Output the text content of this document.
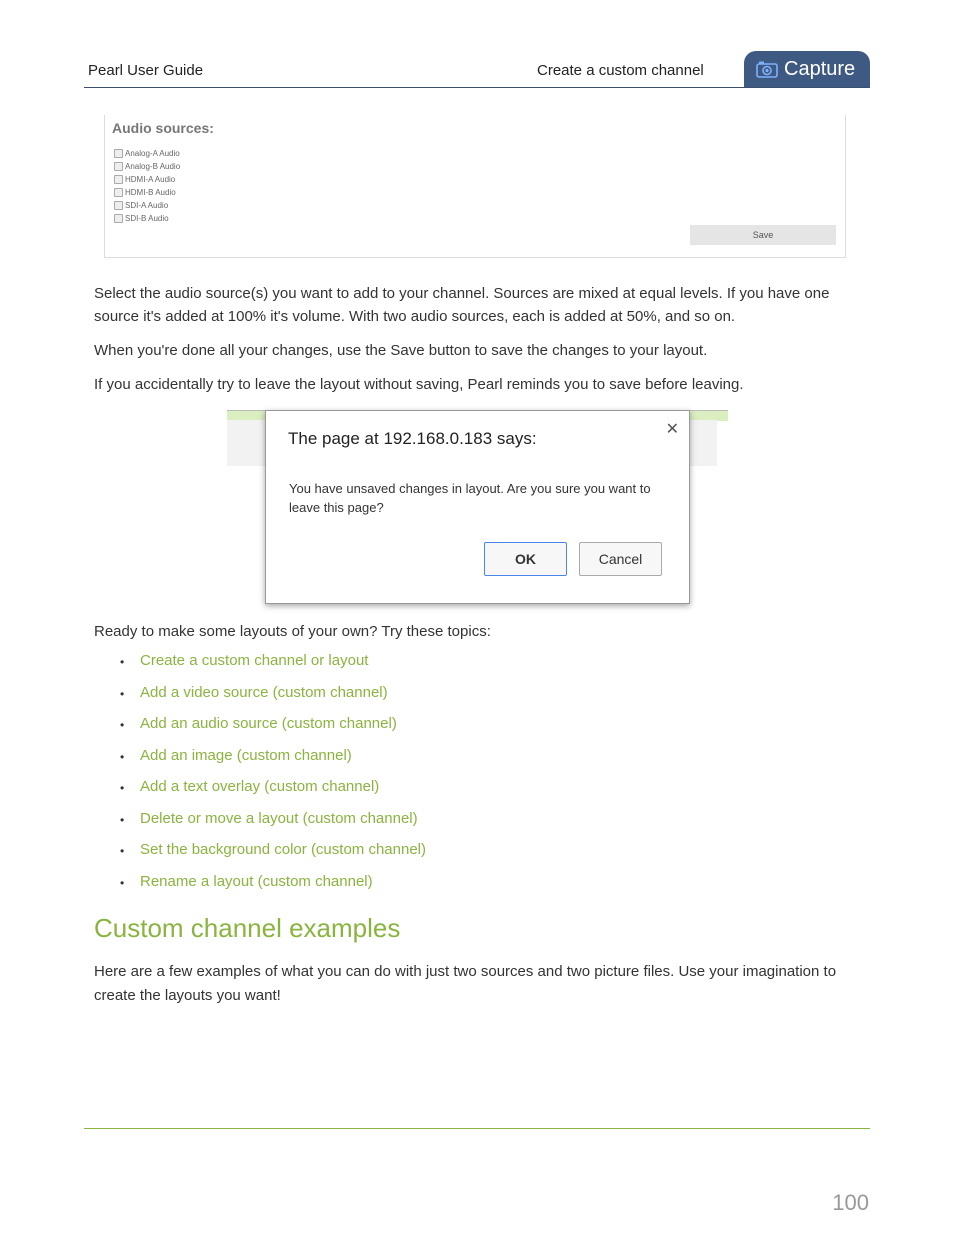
Pearl User Guide	Create a custom channel	Capture
Audio sources:
Analog-A Audio
Analog-B Audio
HDMI-A Audio
HDMI-B Audio
SDI-A Audio
SDI-B Audio
Save

Select the audio source(s) you want to add to your channel. Sources are mixed at equal levels. If you have one source it's added at 100% it's volume. With two audio sources, each is added at 50%, and so on.

When you're done all your changes, use the Save button to save the changes to your layout.

If you accidentally try to leave the layout without saving, Pearl reminds you to save before leaving.

The page at 192.168.0.183 says:	✕
You have unsaved changes in layout. Are you sure you want to leave this page?
OK	Cancel

Ready to make some layouts of your own? Try these topics:

•	Create a custom channel or layout
•	Add a video source (custom channel)
•	Add an audio source (custom channel)
•	Add an image (custom channel)
•	Add a text overlay (custom channel)
•	Delete or move a layout (custom channel)
•	Set the background color (custom channel)
•	Rename a layout (custom channel)
Custom channel examples

Here are a few examples of what you can do with just two sources and two picture files. Use your imagination to create the layouts you want!

100
